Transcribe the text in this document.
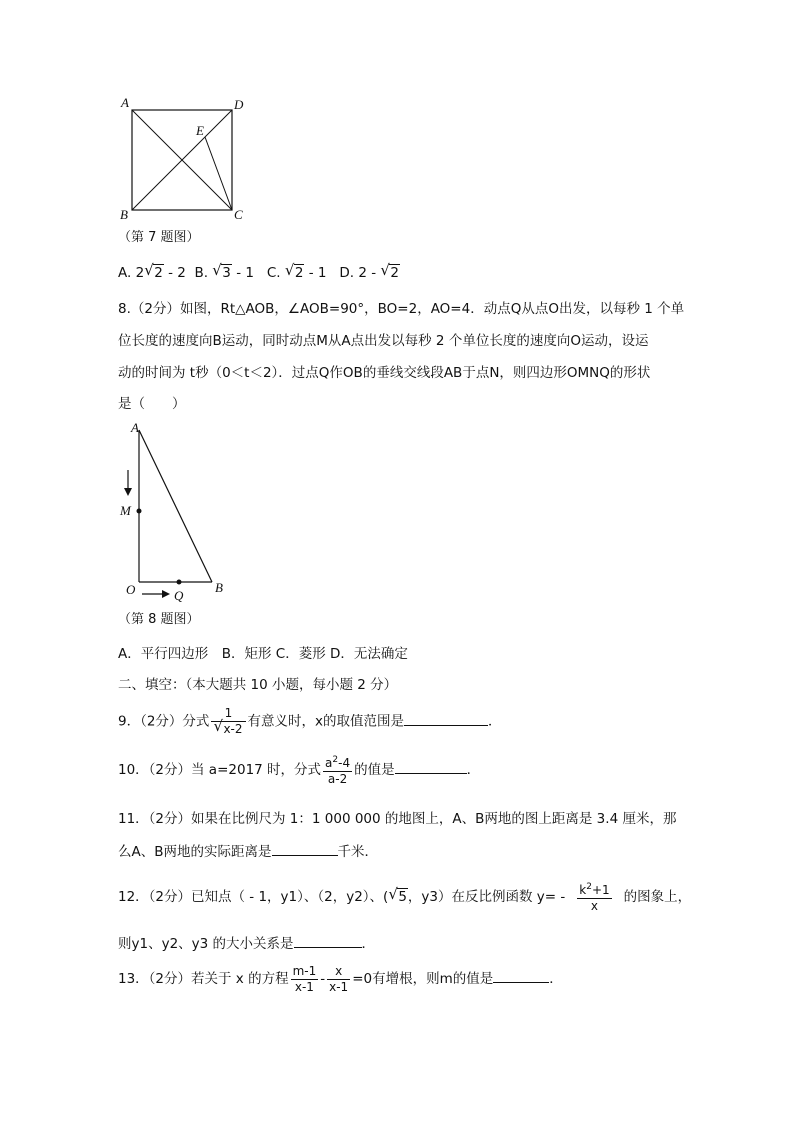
A	D
E
B	C
（第 7 题图）
A. 2 √ 2 - 2 B. √ 3 - 1 C. √ 2 - 1 D. 2 - √ 2
8.（2分）如图，Rt△AOB，∠AOB=90°，BO=2，AO=4．动点Q从点O出发，以每秒 1 个单
位长度的速度向B运动，同时动点M从A点出发以每秒 2 个单位长度的速度向O运动，设运
动的时间为 t秒（0＜t＜2）．过点Q作OB的垂线交线段AB于点N，则四边形OMNQ的形状
是（　　）
A
M
O	Q
B
（第 8 题图）
A．平行四边形　B．矩形 C．菱形 D．无法确定
二、填空：（本大题共 10 小题，每小题 2 分）
9．（2分）分式 1
√ x-2 有意义时，x的取值范围是	．
10．（2分）当 a=2017 时，分式 $\frac{a^2-4}{a-2}$ 的值是	．
11．（2分）如果在比例尺为 1：1 000 000 的地图上，A、B两地的图上距离是 3.4 厘米，那
么A、B两地的实际距离是	千米．
12．（2分）已知点（ - 1，y1）、（2，y2）、( √ 5，y3）在反比例函数 $y= - \frac{k^2+1}{x}$ 的图象上，
则y1、y2、y3 的大小关系是	．
13．（2分）若关于 x 的方程 $\frac{m-1}{x-1} - \frac{x}{x-1} =0$有增根，则m的值是	．
